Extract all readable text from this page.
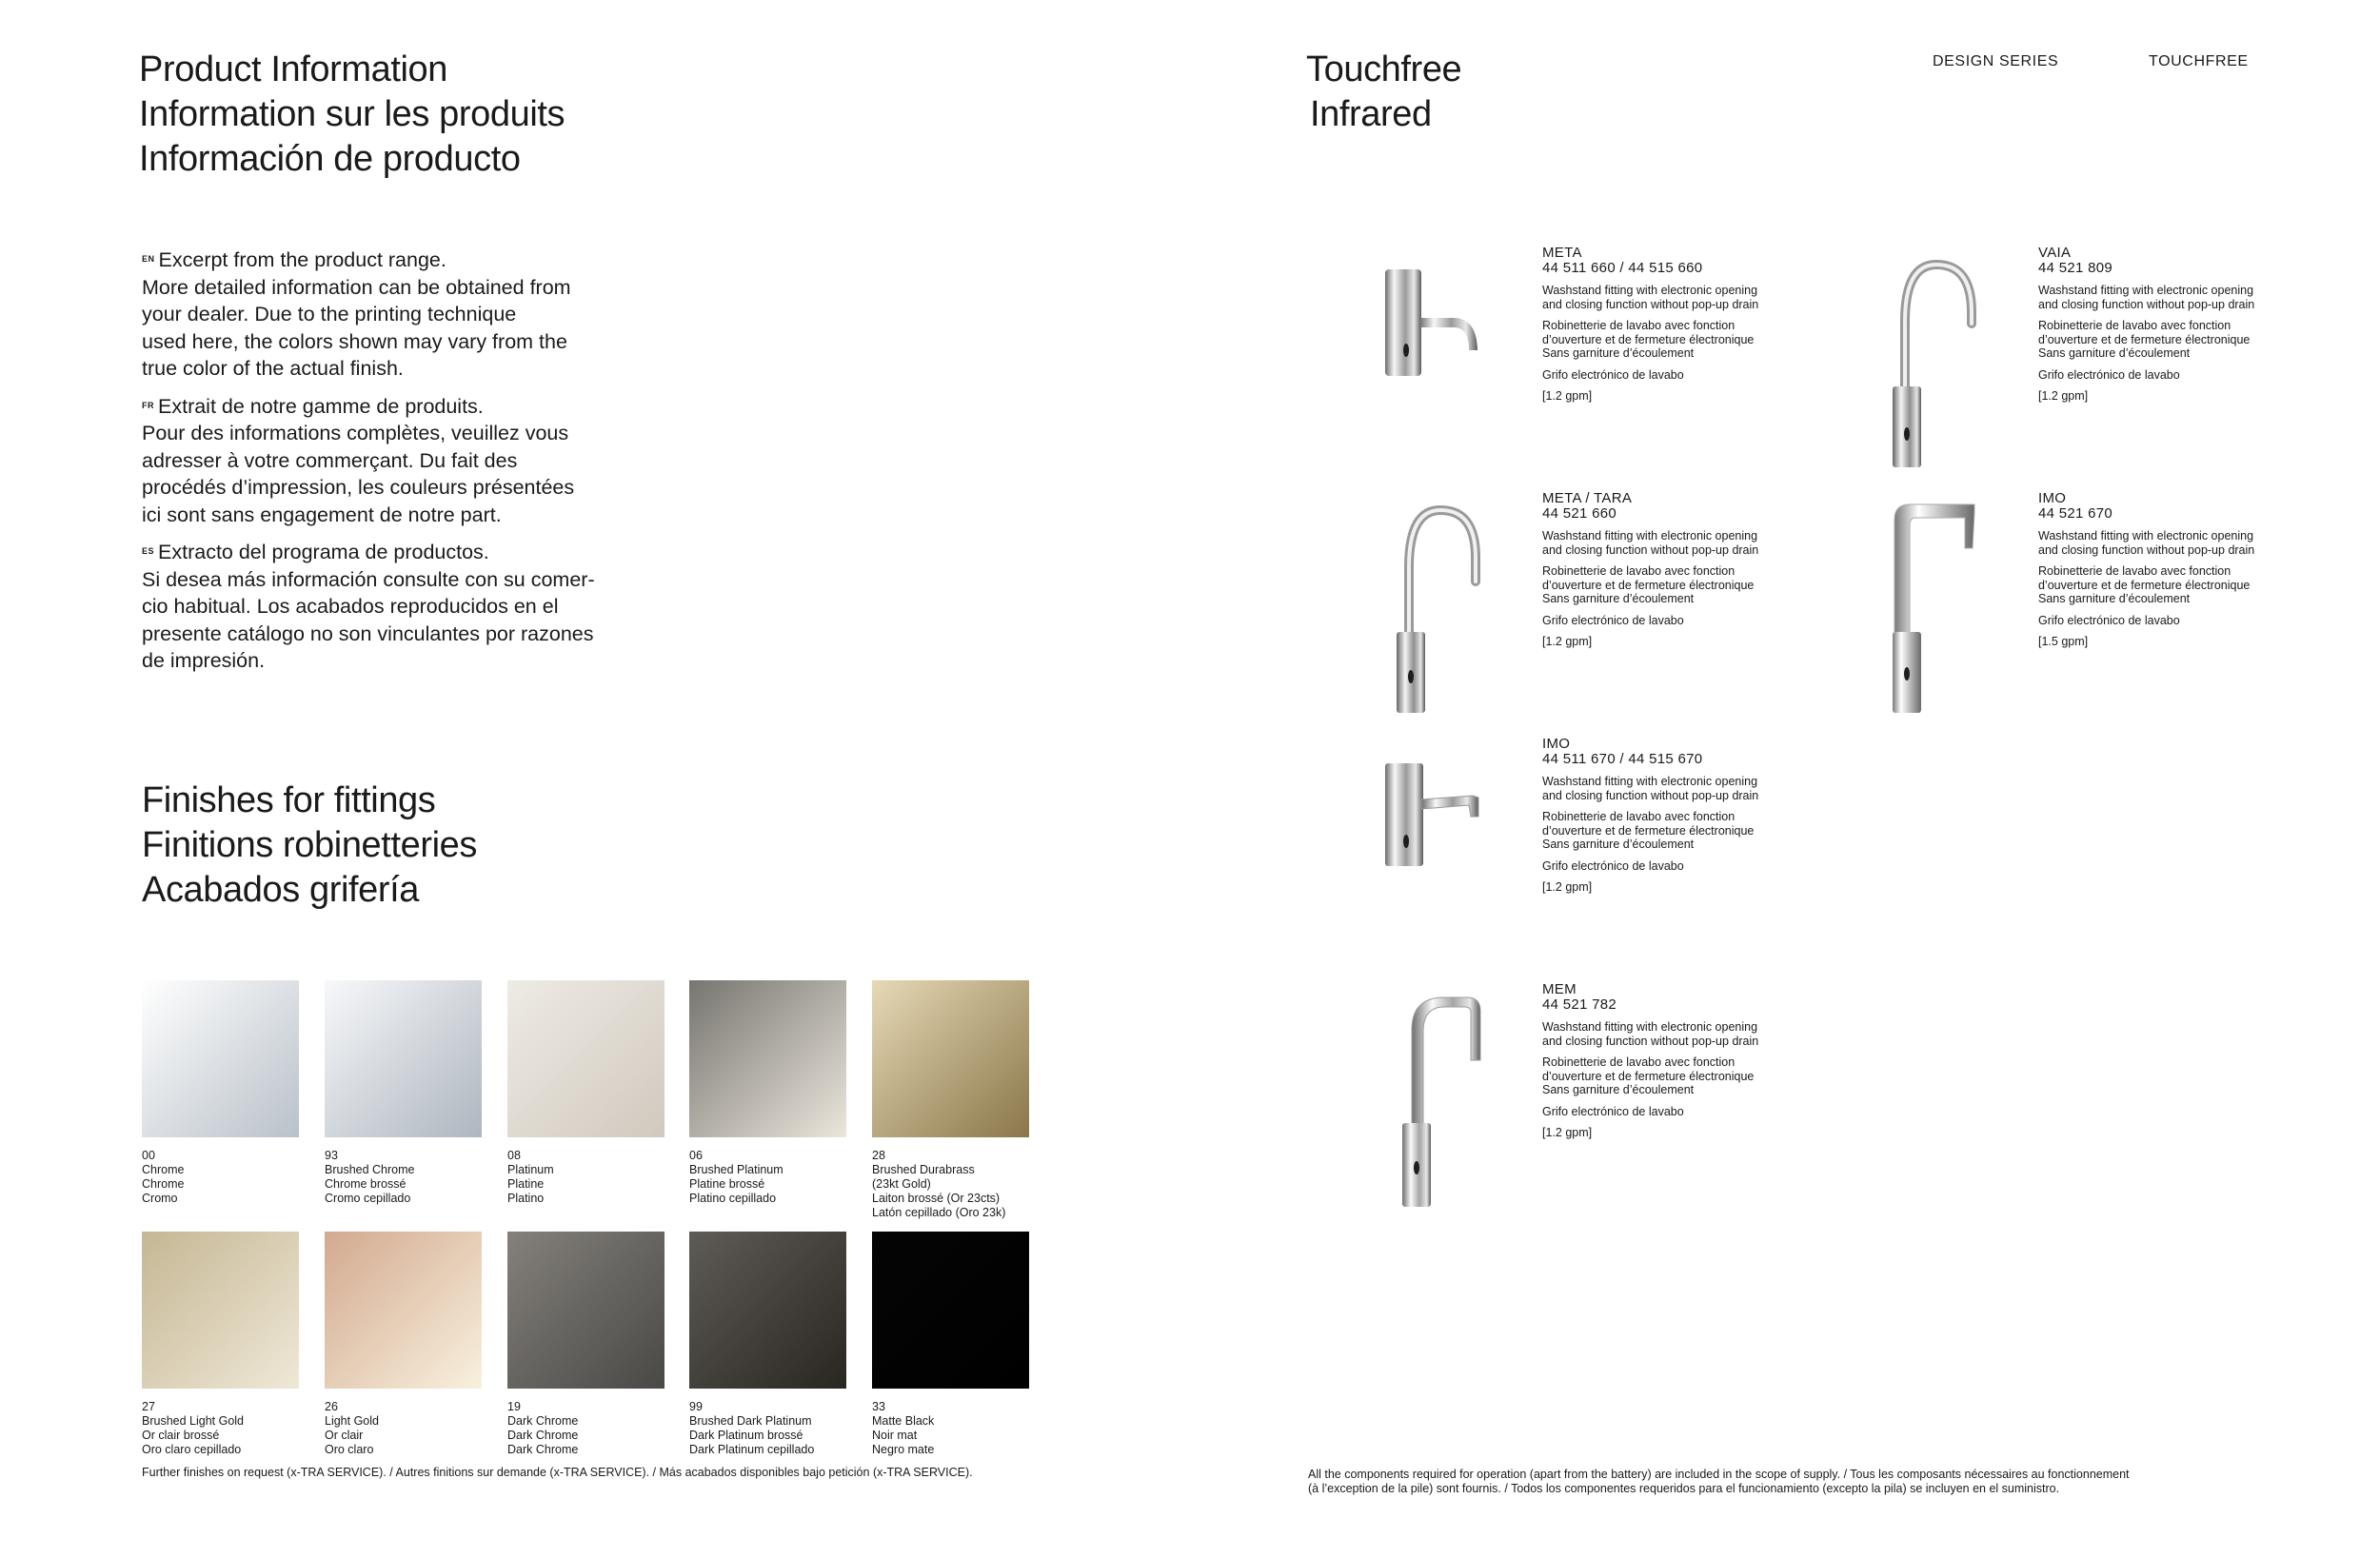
Product Information
Information sur les produits
Información de producto

$^{EN}$ Excerpt from the product range.
More detailed information can be obtained from
your dealer. Due to the printing technique
used here, the colors shown may vary from the
true color of the actual finish.

$^{FR}$ Extrait de notre gamme de produits.
Pour des informations complètes, veuillez vous
adresser à votre commerçant. Du fait des
procédés d’impression, les couleurs présentées
ici sont sans engagement de notre part.

$^{ES}$ Extracto del programa de productos.
Si desea más información consulte con su comer-
cio habitual. Los acabados reproducidos en el
presente catálogo no son vinculantes por razones
de impresión.

Finishes for fittings
Finitions robinetteries
Acabados grifería
00
Chrome
Chrome
Cromo
93
Brushed Chrome
Chrome brossé
Cromo cepillado
08
Platinum
Platine
Platino
06
Brushed Platinum
Platine brossé
Platino cepillado
28
Brushed Durabrass
(23kt Gold)
Laiton brossé (Or 23cts)
Latón cepillado (Oro 23k)
27
Brushed Light Gold
Or clair brossé
Oro claro cepillado
26
Light Gold
Or clair
Oro claro
19
Dark Chrome
Dark Chrome
Dark Chrome
99
Brushed Dark Platinum
Dark Platinum brossé
Dark Platinum cepillado
33
Matte Black
Noir mat
Negro mate
Further finishes on request (x-TRA SERVICE). / Autres finitions sur demande (x-TRA SERVICE). / Más acabados disponibles bajo petición (x-TRA SERVICE).
Touchfree
Infrared
DESIGN SERIES	TOUCHFREE
META
44 511 660 / 44 515 660
Washstand fitting with electronic opening and closing function without pop-up drain
Robinetterie de lavabo avec fonction d’ouverture et de fermeture électronique Sans garniture d’écoulement
Grifo electrónico de lavabo
[1.2 gpm]
VAIA
44 521 809
Washstand fitting with electronic opening and closing function without pop-up drain
Robinetterie de lavabo avec fonction d’ouverture et de fermeture électronique Sans garniture d’écoulement
Grifo electrónico de lavabo
[1.2 gpm]
META / TARA
44 521 660
Washstand fitting with electronic opening and closing function without pop-up drain
Robinetterie de lavabo avec fonction d’ouverture et de fermeture électronique Sans garniture d’écoulement
Grifo electrónico de lavabo
[1.2 gpm]
IMO
44 521 670
Washstand fitting with electronic opening and closing function without pop-up drain
Robinetterie de lavabo avec fonction d’ouverture et de fermeture électronique Sans garniture d’écoulement
Grifo electrónico de lavabo
[1.5 gpm]
IMO
44 511 670 / 44 515 670
Washstand fitting with electronic opening and closing function without pop-up drain
Robinetterie de lavabo avec fonction d’ouverture et de fermeture électronique Sans garniture d’écoulement
Grifo electrónico de lavabo
[1.2 gpm]
MEM
44 521 782
Washstand fitting with electronic opening and closing function without pop-up drain
Robinetterie de lavabo avec fonction d’ouverture et de fermeture électronique Sans garniture d’écoulement
Grifo electrónico de lavabo
[1.2 gpm]
All the components required for operation (apart from the battery) are included in the scope of supply. / Tous les composants nécessaires au fonctionnement
(à l’exception de la pile) sont fournis. / Todos los componentes requeridos para el funcionamiento (excepto la pila) se incluyen en el suministro.
